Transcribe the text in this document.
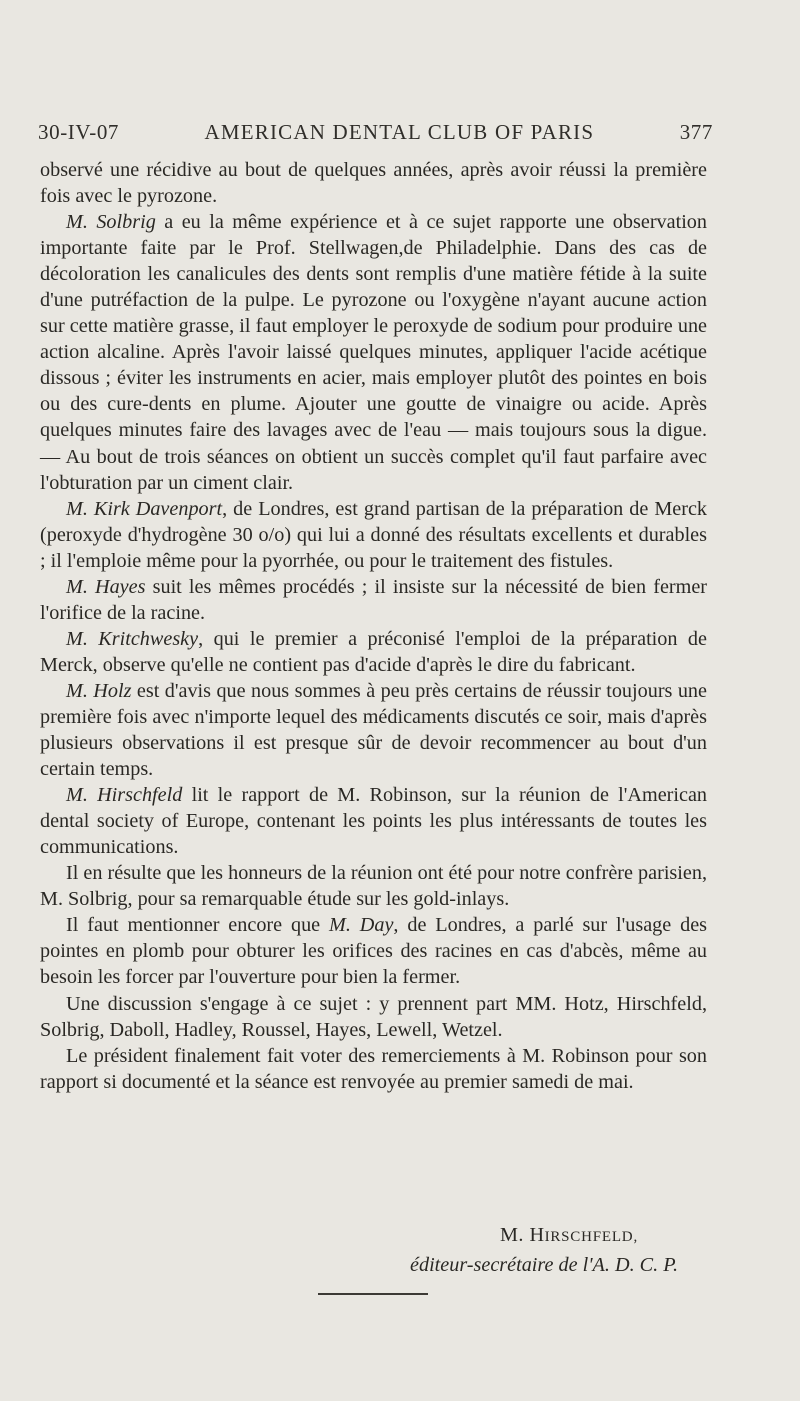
30-IV-07	AMERICAN DENTAL CLUB OF PARIS	377

observé une récidive au bout de quelques années, après avoir réussi la première fois avec le pyrozone.

M. Solbrig a eu la même expérience et à ce sujet rapporte une observation importante faite par le Prof. Stellwagen,de Philadelphie. Dans des cas de décoloration les canalicules des dents sont remplis d'une matière fétide à la suite d'une putréfaction de la pulpe. Le pyrozone ou l'oxygène n'ayant aucune action sur cette matière grasse, il faut employer le peroxyde de sodium pour produire une action alcaline. Après l'avoir laissé quelques minutes, appliquer l'acide acétique dissous ; éviter les instruments en acier, mais employer plutôt des pointes en bois ou des cure-dents en plume. Ajouter une goutte de vinaigre ou acide. Après quelques minutes faire des lavages avec de l'eau — mais toujours sous la digue. — Au bout de trois séances on obtient un succès complet qu'il faut parfaire avec l'obturation par un ciment clair.

M. Kirk Davenport, de Londres, est grand partisan de la préparation de Merck (peroxyde d'hydrogène 30 o/o) qui lui a donné des résultats excellents et durables ; il l'emploie même pour la pyorrhée, ou pour le traitement des fistules.

M. Hayes suit les mêmes procédés ; il insiste sur la nécessité de bien fermer l'orifice de la racine.

M. Kritchwesky, qui le premier a préconisé l'emploi de la préparation de Merck, observe qu'elle ne contient pas d'acide d'après le dire du fabricant.

M. Holz est d'avis que nous sommes à peu près certains de réussir toujours une première fois avec n'importe lequel des médicaments discutés ce soir, mais d'après plusieurs observations il est presque sûr de devoir recommencer au bout d'un certain temps.

M. Hirschfeld lit le rapport de M. Robinson, sur la réunion de l'American dental society of Europe, contenant les points les plus intéressants de toutes les communications.

Il en résulte que les honneurs de la réunion ont été pour notre confrère parisien, M. Solbrig, pour sa remarquable étude sur les gold-inlays.

Il faut mentionner encore que M. Day, de Londres, a parlé sur l'usage des pointes en plomb pour obturer les orifices des racines en cas d'abcès, même au besoin les forcer par l'ouverture pour bien la fermer.

Une discussion s'engage à ce sujet : y prennent part MM. Hotz, Hirschfeld, Solbrig, Daboll, Hadley, Roussel, Hayes, Lewell, Wetzel.

Le président finalement fait voter des remerciements à M. Robinson pour son rapport si documenté et la séance est renvoyée au premier samedi de mai.

M. HIRSCHFELD,
éditeur-secrétaire de l'A. D. C. P.
